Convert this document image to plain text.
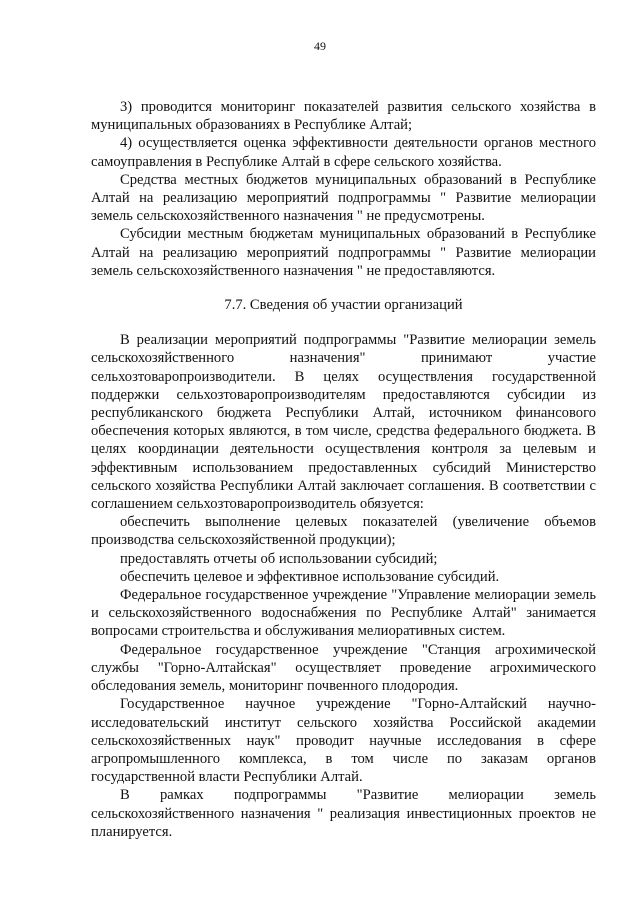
49

3) проводится мониторинг показателей развития сельского хозяйства в муниципальных образованиях в Республике Алтай;

4) осуществляется оценка эффективности деятельности органов местного самоуправления в Республике Алтай в сфере сельского хозяйства.

Средства местных бюджетов муниципальных образований в Республике Алтай на реализацию мероприятий подпрограммы " Развитие мелиорации земель сельскохозяйственного назначения " не предусмотрены.

Субсидии местным бюджетам муниципальных образований в Республике Алтай на реализацию мероприятий подпрограммы " Развитие мелиорации земель сельскохозяйственного назначения " не предоставляются.

7.7. Сведения об участии организаций

В реализации мероприятий подпрограммы "Развитие мелиорации земель сельскохозяйственного назначения" принимают участие сельхозтоваропроизводители. В целях осуществления государственной поддержки сельхозтоваропроизводителям предоставляются субсидии из республиканского бюджета Республики Алтай, источником финансового обеспечения которых являются, в том числе, средства федерального бюджета. В целях координации деятельности осуществления контроля за целевым и эффективным использованием предоставленных субсидий Министерство сельского хозяйства Республики Алтай заключает соглашения. В соответствии с соглашением сельхозтоваропроизводитель обязуется:

обеспечить выполнение целевых показателей (увеличение объемов производства сельскохозяйственной продукции);

предоставлять отчеты об использовании субсидий;

обеспечить целевое и эффективное использование субсидий.

Федеральное государственное учреждение "Управление мелиорации земель и сельскохозяйственного водоснабжения по Республике Алтай" занимается вопросами строительства и обслуживания мелиоративных систем.

Федеральное государственное учреждение "Станция агрохимической службы "Горно-Алтайская" осуществляет проведение агрохимического обследования земель, мониторинг почвенного плодородия.

Государственное научное учреждение "Горно-Алтайский научно-исследовательский институт сельского хозяйства Российской академии сельскохозяйственных наук" проводит научные исследования в сфере агропромышленного комплекса, в том числе по заказам органов государственной власти Республики Алтай.

В рамках подпрограммы "Развитие мелиорации земель сельскохозяйственного назначения " реализация инвестиционных проектов не планируется.
